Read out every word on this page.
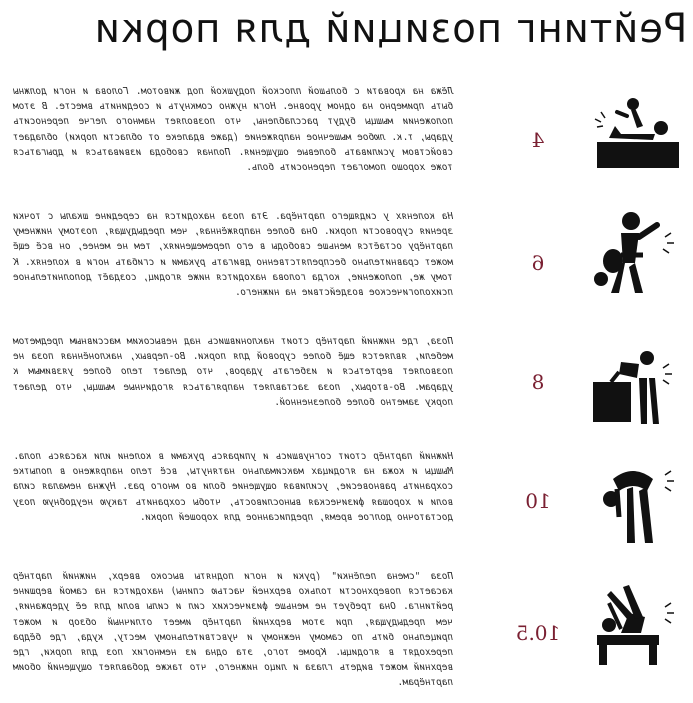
Рейтинг позиций для порки
4
Лёжа на кровати с большой плоской подушкой под животом. Голова и ноги должны быть примерно на одном уровне. Ноги нужно сомкнуть и соединить вместе. В этом положении мышцы будут расслаблены, что позволяет намного легче переносить удары, т.к. любое мышечное напряжение (даже вдалеке от области порки) обладает свойством усиливать болевые ощущения. Полная свобода извиваться и дрыгаться тоже хорошо помогает переносить боль.
6
На коленях у сидящего партнёра. Эта поза находится на середине шкалы с точки зрения суровости порки. Она более напряжённая, чем предыдущая, поэтому нижнему партнёру остаётся меньше свободы в его перемещениях, тем не менее, он всё ещё может сравнительно беспрепятственно двигать руками и сгибать ноги в коленях. К тому же, положение, когда голова находится ниже ягодиц, создаёт дополнительное психологическое воздействие на нижнего.
8
Поза, где нижний партнёр стоит наклонившись над невысоким массивным предметом мебели, является ещё более суровой для порки. Во-первых, наклонённая поза не позволяет вертеться и избегать ударов, что делает тело более уязвимым к ударам. Во-вторых, поза заставляет напрягаться ягодичные мышцы, что делает порку заметно более болезненной.
10
Нижний партнёр стоит согнувшись и упираясь руками в колени или касаясь пола. Мышцы и кожа на ягодицах максимально натянуты, всё тело напряжено в попытке сохранить равновесие, усиливая ощущение боли во много раз. Нужна немалая сила воли и хорошая физическая выносливость, чтобы сохранить такую неудобную позу достаточно долгое время, предписанное для хорошей порки.
10.5
Поза "смена пелёнки" (руки и ноги подняты высоко вверх, нижний партнёр касается поверхности только верхней частью спины) находится на самой вершине рейтинга. Она требует не меньше физических сил и силы воли для её удержания, чем предыдущая, при этом верхний партнёр имеет отличный обзор и может прицельно бить по самому нежному и чувствительному месту, куда, где бёдра переходят в ягодицы. Кроме того, эта одна из немногих поз для порки, где верхний может видеть глаза и лицо нижнего, что также добавляет ощущений обоим партнёрам.
